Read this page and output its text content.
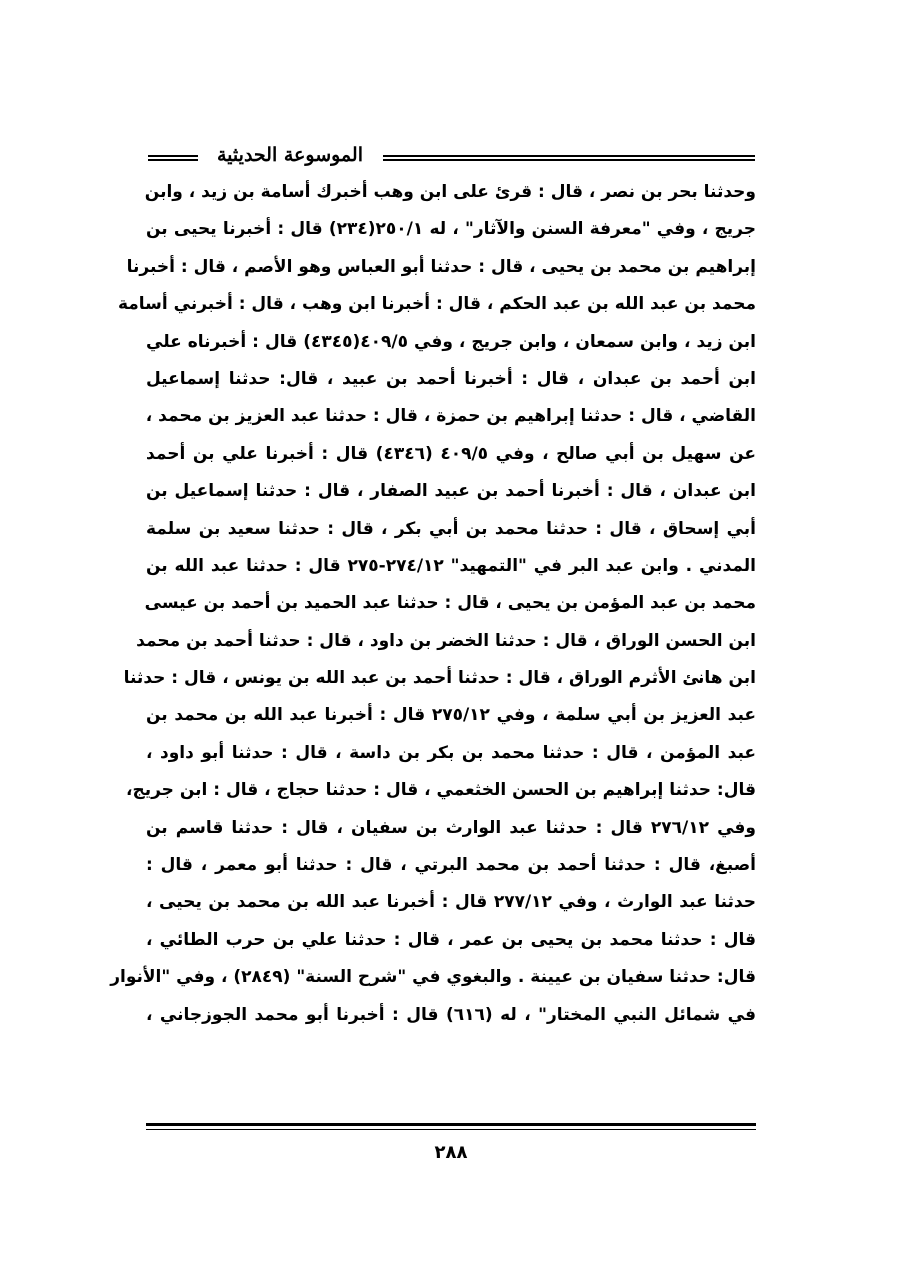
الموسوعة الحديثية
وحدثنا بحر بن نصر ، قال : قرئ على ابن وهب أخبرك أسامة بن زيد ، وابن
جريج ، وفي "معرفة السنن والآثار" ، له ٢٥٠/١(٢٣٤) قال : أخبرنا يحيى بن
إبراهيم بن محمد بن يحيى ، قال : حدثنا أبو العباس وهو الأصم ، قال : أخبرنا
محمد بن عبد الله بن عبد الحكم ، قال : أخبرنا ابن وهب ، قال : أخبرني أسامة
ابن زيد ، وابن سمعان ، وابن جريج ، وفي ٤٠٩/٥(٤٣٤٥) قال : أخبرناه علي
ابن أحمد بن عبدان ، قال : أخبرنا أحمد بن عبيد ، قال: حدثنا إسماعيل
القاضي ، قال : حدثنا إبراهيم بن حمزة ، قال : حدثنا عبد العزيز بن محمد ،
عن سهيل بن أبي صالح ، وفي ٤٠٩/٥ (٤٣٤٦) قال : أخبرنا علي بن أحمد
ابن عبدان ، قال : أخبرنا أحمد بن عبيد الصفار ، قال : حدثنا إسماعيل بن
أبي إسحاق ، قال : حدثنا محمد بن أبي بكر ، قال : حدثنا سعيد بن سلمة
المدني . وابن عبد البر في "التمهيد" ٢٧٤/١٢-٢٧٥ قال : حدثنا عبد الله بن
محمد بن عبد المؤمن بن يحيى ، قال : حدثنا عبد الحميد بن أحمد بن عيسى
ابن الحسن الوراق ، قال : حدثنا الخضر بن داود ، قال : حدثنا أحمد بن محمد
ابن هانئ الأثرم الوراق ، قال : حدثنا أحمد بن عبد الله بن يونس ، قال : حدثنا
عبد العزيز بن أبي سلمة ، وفي ٢٧٥/١٢ قال : أخبرنا عبد الله بن محمد بن
عبد المؤمن ، قال : حدثنا محمد بن بكر بن داسة ، قال : حدثنا أبو داود ،
قال: حدثنا إبراهيم بن الحسن الخثعمي ، قال : حدثنا حجاج ، قال : ابن جريج،
وفي ٢٧٦/١٢ قال : حدثنا عبد الوارث بن سفيان ، قال : حدثنا قاسم بن
أصبغ، قال : حدثنا أحمد بن محمد البرتي ، قال : حدثنا أبو معمر ، قال :
حدثنا عبد الوارث ، وفي ٢٧٧/١٢ قال : أخبرنا عبد الله بن محمد بن يحيى ،
قال : حدثنا محمد بن يحيى بن عمر ، قال : حدثنا علي بن حرب الطائي ،
قال: حدثنا سفيان بن عيينة . والبغوي في "شرح السنة" (٢٨٤٩) ، وفي "الأنوار
في شمائل النبي المختار" ، له (٦١٦) قال : أخبرنا أبو محمد الجوزجاني ،
٢٨٨
